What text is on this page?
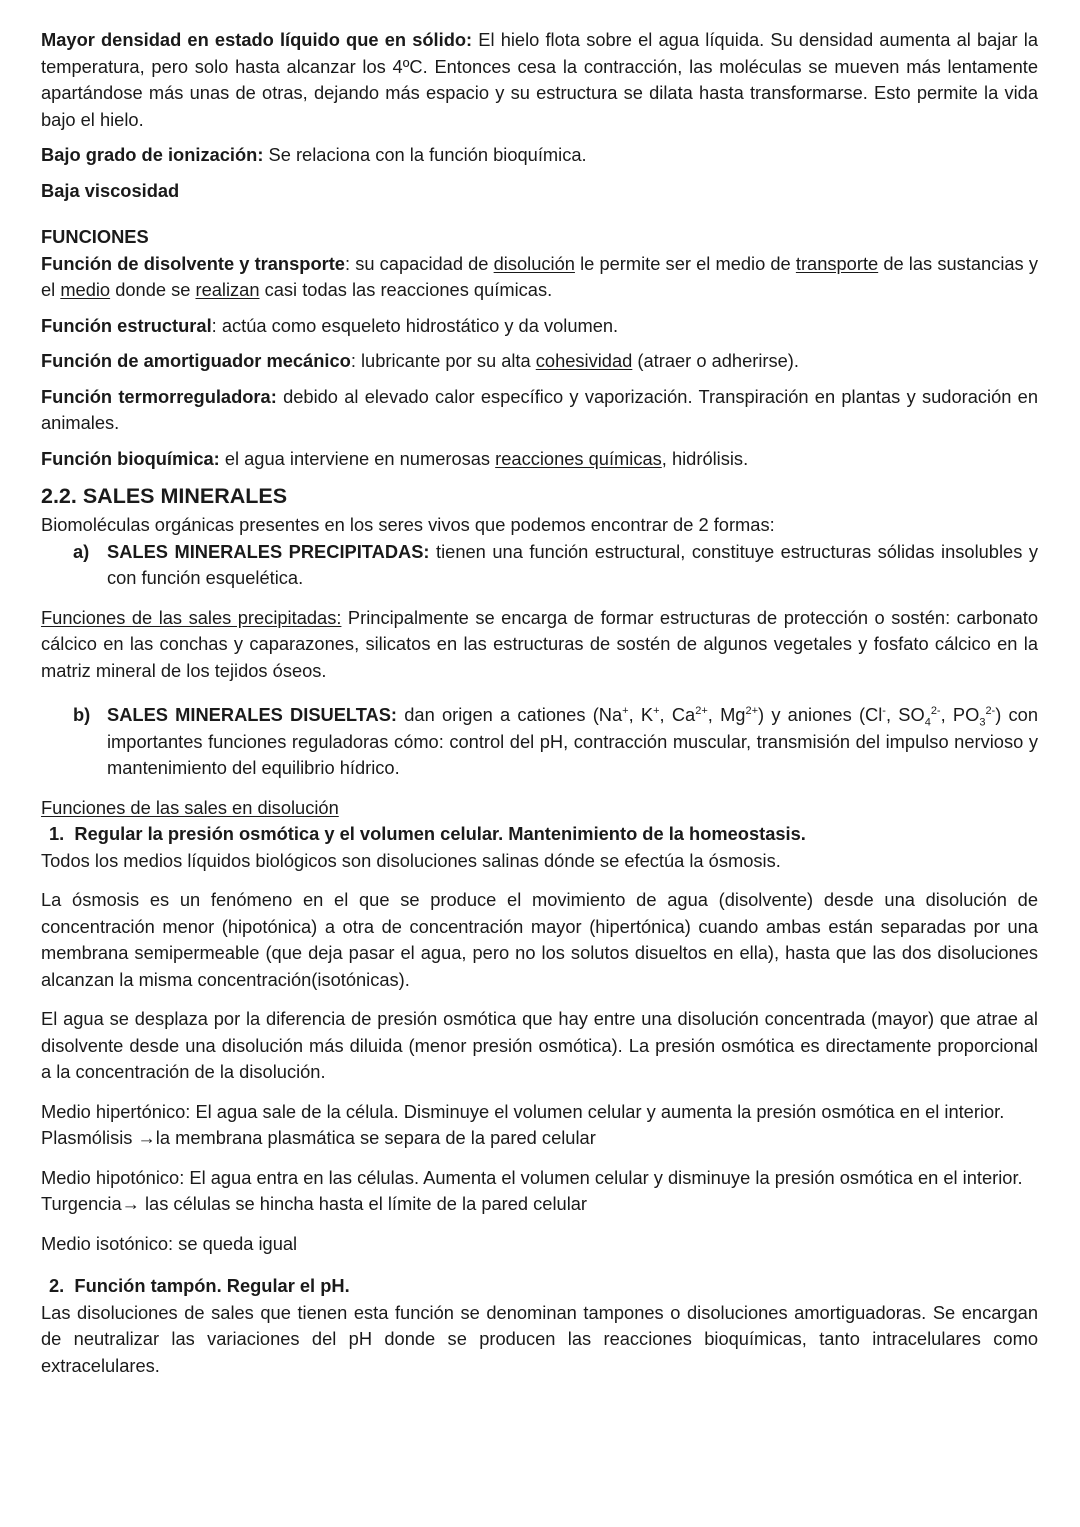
Mayor densidad en estado líquido que en sólido: El hielo flota sobre el agua líquida. Su densidad aumenta al bajar la temperatura, pero solo hasta alcanzar los 4ºC. Entonces cesa la contracción, las moléculas se mueven más lentamente apartándose más unas de otras, dejando más espacio y su estructura se dilata hasta transformarse. Esto permite la vida bajo el hielo.

Bajo grado de ionización: Se relaciona con la función bioquímica.

Baja viscosidad

FUNCIONES

Función de disolvente y transporte: su capacidad de disolución le permite ser el medio de transporte de las sustancias y el medio donde se realizan casi todas las reacciones químicas.

Función estructural: actúa como esqueleto hidrostático y da volumen.

Función de amortiguador mecánico: lubricante por su alta cohesividad (atraer o adherirse).

Función termorreguladora: debido al elevado calor específico y vaporización. Transpiración en plantas y sudoración en animales.

Función bioquímica: el agua interviene en numerosas reacciones químicas, hidrólisis.

2.2. SALES MINERALES

Biomoléculas orgánicas presentes en los seres vivos que podemos encontrar de 2 formas:

a) SALES MINERALES PRECIPITADAS: tienen una función estructural, constituye estructuras sólidas insolubles y con función esquelética.

Funciones de las sales precipitadas: Principalmente se encarga de formar estructuras de protección o sostén: carbonato cálcico en las conchas y caparazones, silicatos en las estructuras de sostén de algunos vegetales y fosfato cálcico en la matriz mineral de los tejidos óseos.

b) SALES MINERALES DISUELTAS: dan origen a cationes (Na+, K+, $Ca^{2+}$, $Mg^{2+}$) y aniones (Cl-, $SO_4^{2-}$, $PO_3^{2-}$) con importantes funciones reguladoras cómo: control del pH, contracción muscular, transmisión del impulso nervioso y mantenimiento del equilibrio hídrico.

Funciones de las sales en disolución

1. Regular la presión osmótica y el volumen celular. Mantenimiento de la homeostasis.

Todos los medios líquidos biológicos son disoluciones salinas dónde se efectúa la ósmosis.

La ósmosis es un fenómeno en el que se produce el movimiento de agua (disolvente) desde una disolución de concentración menor (hipotónica) a otra de concentración mayor (hipertónica) cuando ambas están separadas por una membrana semipermeable (que deja pasar el agua, pero no los solutos disueltos en ella), hasta que las dos disoluciones alcanzan la misma concentración(isotónicas).

El agua se desplaza por la diferencia de presión osmótica que hay entre una disolución concentrada (mayor) que atrae al disolvente desde una disolución más diluida (menor presión osmótica). La presión osmótica es directamente proporcional a la concentración de la disolución.

Medio hipertónico: El agua sale de la célula. Disminuye el volumen celular y aumenta la presión osmótica en el interior.

Plasmólisis →la membrana plasmática se separa de la pared celular

Medio hipotónico: El agua entra en las células. Aumenta el volumen celular y disminuye la presión osmótica en el interior.

Turgencia→ las células se hincha hasta el límite de la pared celular

Medio isotónico: se queda igual

2. Función tampón. Regular el pH.

Las disoluciones de sales que tienen esta función se denominan tampones o disoluciones amortiguadoras. Se encargan de neutralizar las variaciones del pH donde se producen las reacciones bioquímicas, tanto intracelulares como extracelulares.
